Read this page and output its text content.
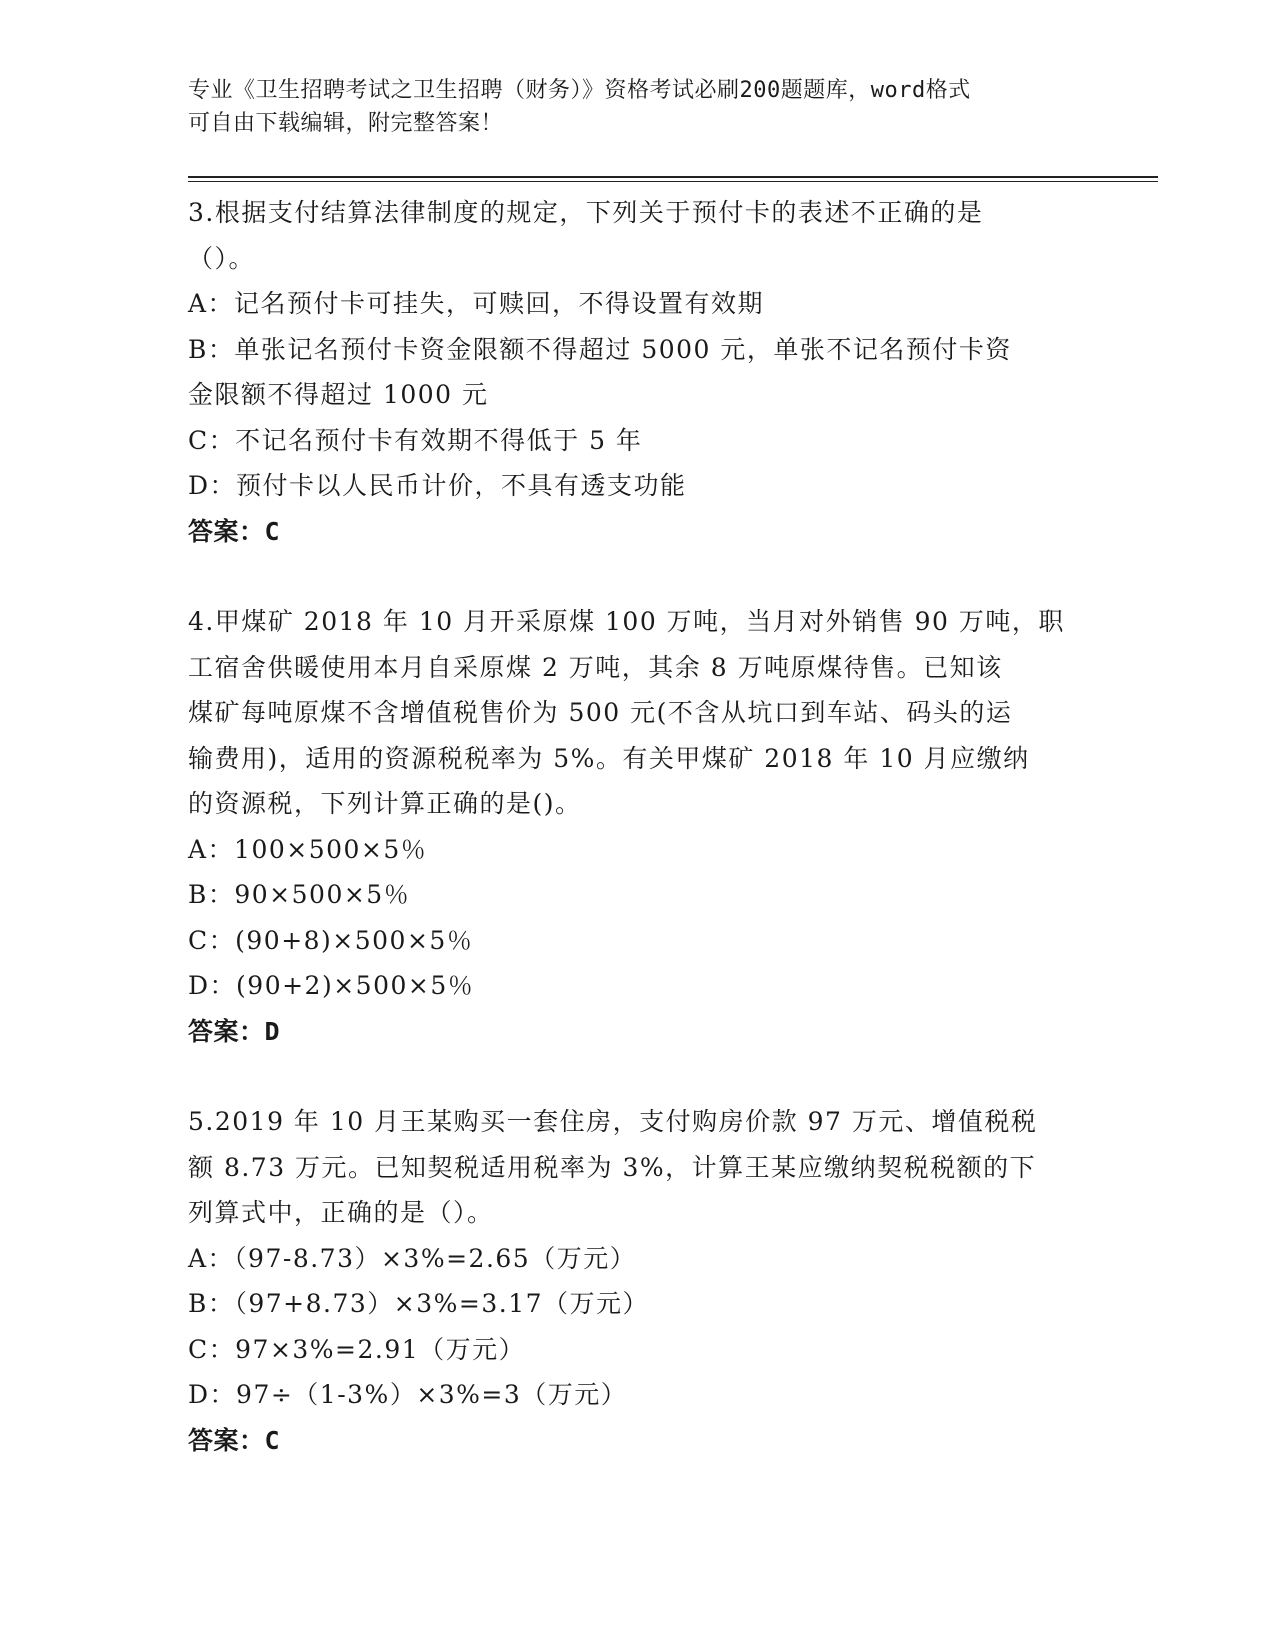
专业《卫生招聘考试之卫生招聘（财务）》资格考试必刷200题题库，word格式
可自由下载编辑，附完整答案！
3.根据支付结算法律制度的规定，下列关于预付卡的表述不正确的是
（）。
A：记名预付卡可挂失，可赎回，不得设置有效期
B：单张记名预付卡资金限额不得超过 5000 元，单张不记名预付卡资
金限额不得超过 1000 元
C：不记名预付卡有效期不得低于 5 年
D：预付卡以人民币计价，不具有透支功能
答案：C
4.甲煤矿 2018 年 10 月开采原煤 100 万吨，当月对外销售 90 万吨，职
工宿舍供暖使用本月自采原煤 2 万吨，其余 8 万吨原煤待售。已知该
煤矿每吨原煤不含增值税售价为 500 元(不含从坑口到车站、码头的运
输费用)，适用的资源税税率为 5%。有关甲煤矿 2018 年 10 月应缴纳
的资源税，下列计算正确的是()。
A：100×500×5％
B：90×500×5％
C：(90+8)×500×5％
D：(90+2)×500×5％
答案：D
5.2019 年 10 月王某购买一套住房，支付购房价款 97 万元、增值税税
额 8.73 万元。已知契税适用税率为 3%，计算王某应缴纳契税税额的下
列算式中，正确的是（）。
A：（97-8.73）×3%=2.65（万元）
B：（97+8.73）×3%=3.17（万元）
C：97×3%=2.91（万元）
D：97÷（1-3%）×3%=3（万元）
答案：C
